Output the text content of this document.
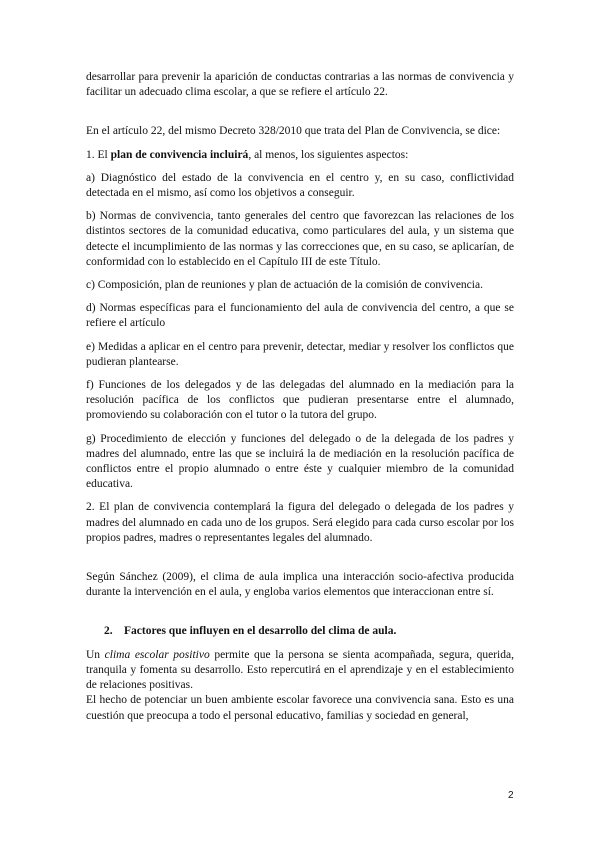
desarrollar para prevenir la aparición de conductas contrarias a las normas de convivencia y facilitar un adecuado clima escolar, a que se refiere el artículo 22.

En el artículo 22, del mismo Decreto 328/2010 que trata del Plan de Convivencia, se dice:

1. El plan de convivencia incluirá, al menos, los siguientes aspectos:

a) Diagnóstico del estado de la convivencia en el centro y, en su caso, conflictividad detectada en el mismo, así como los objetivos a conseguir.

b) Normas de convivencia, tanto generales del centro que favorezcan las relaciones de los distintos sectores de la comunidad educativa, como particulares del aula, y un sistema que detecte el incumplimiento de las normas y las correcciones que, en su caso, se aplicarían, de conformidad con lo establecido en el Capítulo III de este Título.

c) Composición, plan de reuniones y plan de actuación de la comisión de convivencia.

d) Normas específicas para el funcionamiento del aula de convivencia del centro, a que se refiere el artículo

e) Medidas a aplicar en el centro para prevenir, detectar, mediar y resolver los conflictos que pudieran plantearse.

f) Funciones de los delegados y de las delegadas del alumnado en la mediación para la resolución pacífica de los conflictos que pudieran presentarse entre el alumnado, promoviendo su colaboración con el tutor o la tutora del grupo.

g) Procedimiento de elección y funciones del delegado o de la delegada de los padres y madres del alumnado, entre las que se incluirá la de mediación en la resolución pacífica de conflictos entre el propio alumnado o entre éste y cualquier miembro de la comunidad educativa.

2. El plan de convivencia contemplará la figura del delegado o delegada de los padres y madres del alumnado en cada uno de los grupos. Será elegido para cada curso escolar por los propios padres, madres o representantes legales del alumnado.

Según Sánchez (2009), el clima de aula implica una interacción socio-afectiva producida durante la intervención en el aula, y engloba varios elementos que interaccionan entre sí.

2. Factores que influyen en el desarrollo del clima de aula.

Un clima escolar positivo permite que la persona se sienta acompañada, segura, querida, tranquila y fomenta su desarrollo. Esto repercutirá en el aprendizaje y en el establecimiento de relaciones positivas.

El hecho de potenciar un buen ambiente escolar favorece una convivencia sana. Esto es una cuestión que preocupa a todo el personal educativo, familias y sociedad en general,

2
